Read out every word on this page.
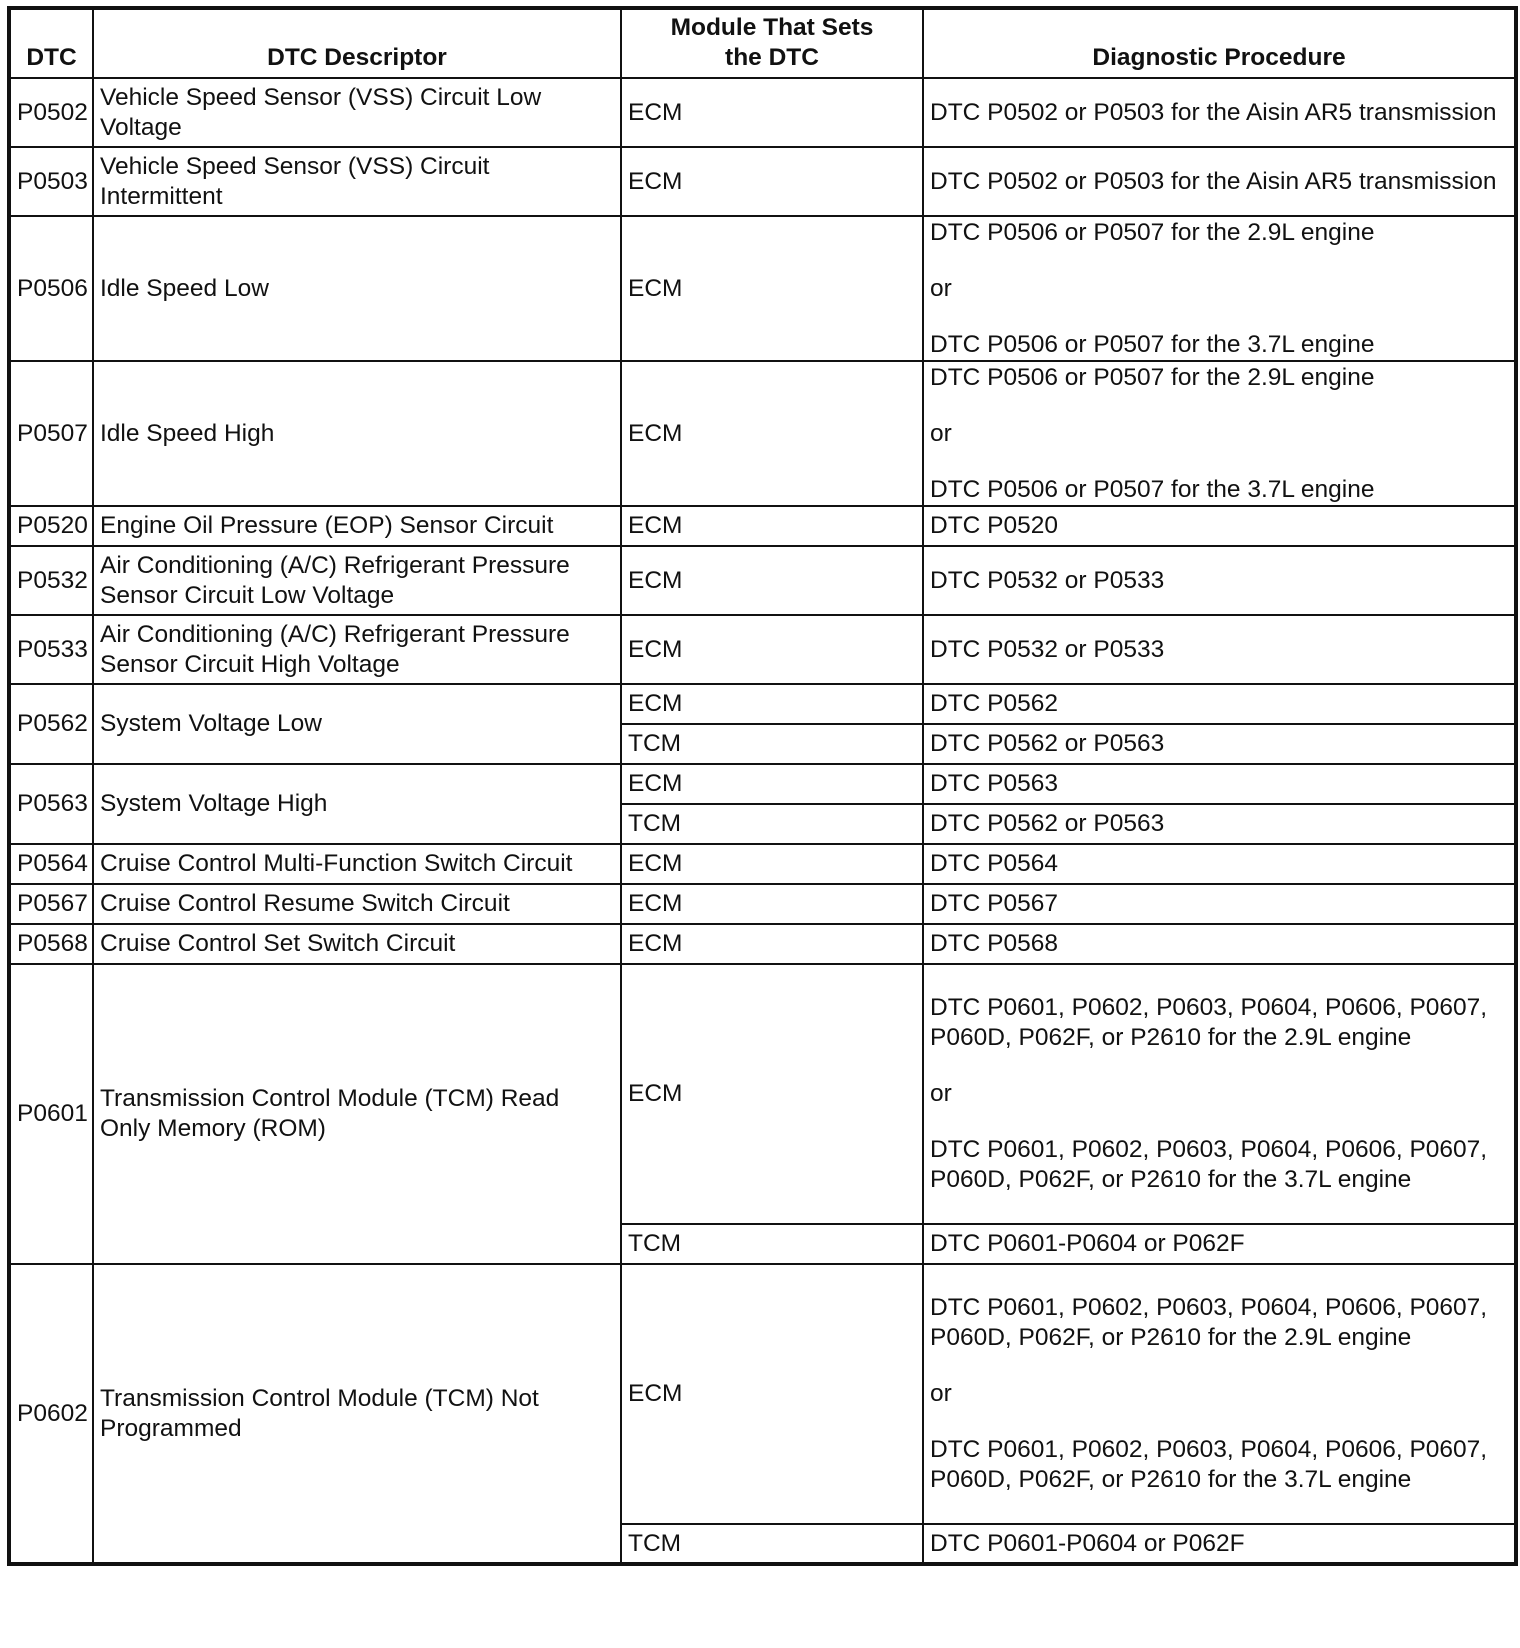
DTC	DTC Descriptor	Module That Sets the DTC	Diagnostic Procedure
P0502	Vehicle Speed Sensor (VSS) Circuit Low Voltage	ECM	DTC P0502 or P0503 for the Aisin AR5 transmission
P0503	Vehicle Speed Sensor (VSS) Circuit Intermittent	ECM	DTC P0502 or P0503 for the Aisin AR5 transmission
P0506	Idle Speed Low	ECM	DTC P0506 or P0507 for the 2.9L engine
or
DTC P0506 or P0507 for the 3.7L engine

P0507	Idle Speed High	ECM	DTC P0506 or P0507 for the 2.9L engine
or
DTC P0506 or P0507 for the 3.7L engine

P0520	Engine Oil Pressure (EOP) Sensor Circuit	ECM	DTC P0520
P0532	Air Conditioning (A/C) Refrigerant Pressure Sensor Circuit Low Voltage	ECM	DTC P0532 or P0533
P0533	Air Conditioning (A/C) Refrigerant Pressure Sensor Circuit High Voltage	ECM	DTC P0532 or P0533
P0562	System Voltage Low	ECM	DTC P0562
		TCM	DTC P0562 or P0563
P0563	System Voltage High	ECM	DTC P0563
		TCM	DTC P0562 or P0563
P0564	Cruise Control Multi-Function Switch Circuit	ECM	DTC P0564
P0567	Cruise Control Resume Switch Circuit	ECM	DTC P0567
P0568	Cruise Control Set Switch Circuit	ECM	DTC P0568
P0601	Transmission Control Module (TCM) Read Only Memory (ROM)	ECM	DTC P0601, P0602, P0603, P0604, P0606, P0607, P060D, P062F, or P2610 for the 2.9L engine
or
DTC P0601, P0602, P0603, P0604, P0606, P0607, P060D, P062F, or P2610 for the 3.7L engine

		TCM	DTC P0601-P0604 or P062F
P0602	Transmission Control Module (TCM) Not Programmed	ECM	DTC P0601, P0602, P0603, P0604, P0606, P0607, P060D, P062F, or P2610 for the 2.9L engine
or
DTC P0601, P0602, P0603, P0604, P0606, P0607, P060D, P062F, or P2610 for the 3.7L engine

		TCM	DTC P0601-P0604 or P062F
